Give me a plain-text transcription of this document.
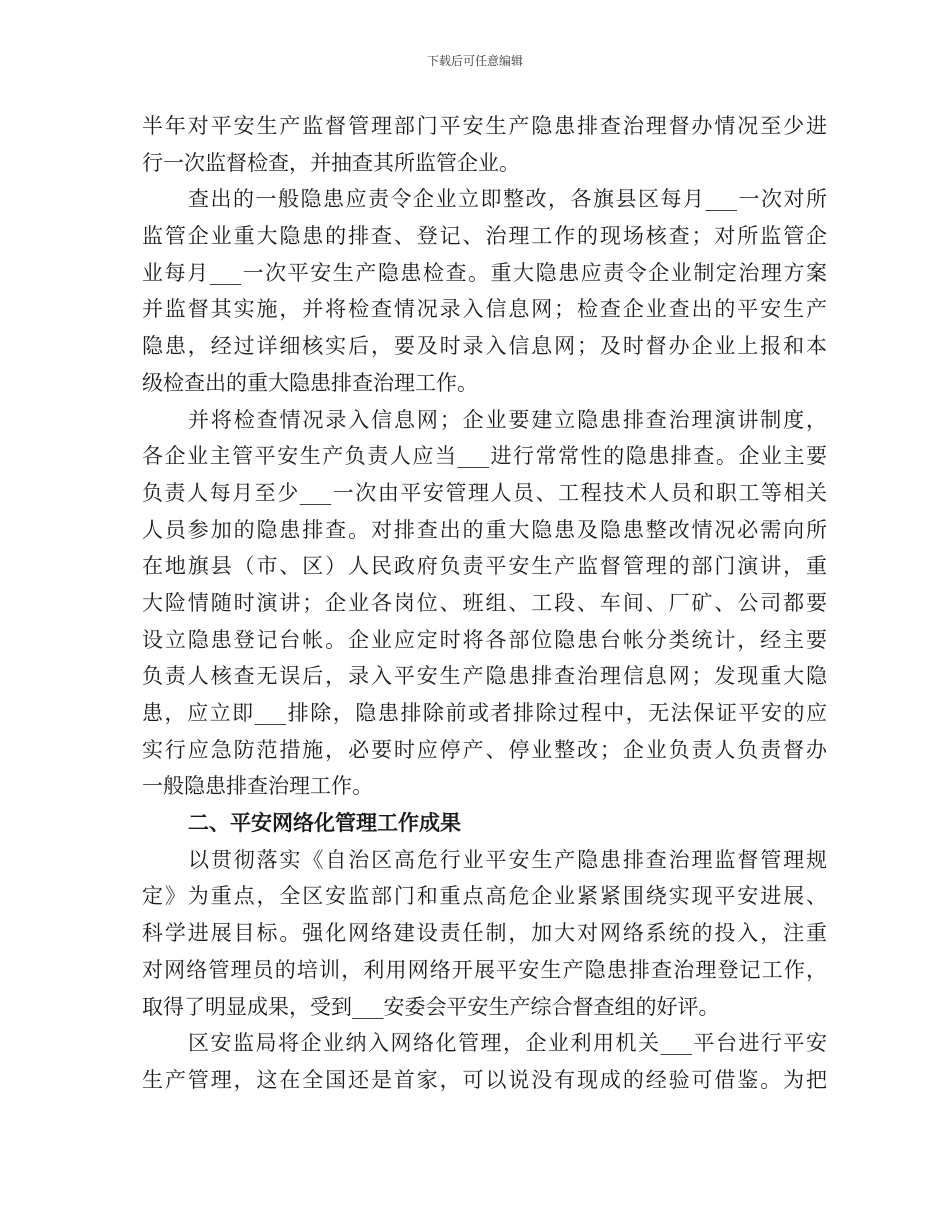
下载后可任意编辑
半年对平安生产监督管理部门平安生产隐患排查治理督办情况至少进
行一次监督检查，并抽查其所监管企业。
查出的一般隐患应责令企业立即整改，各旗县区每月___一次对所
监管企业重大隐患的排查、登记、治理工作的现场核查；对所监管企
业每月___一次平安生产隐患检查。重大隐患应责令企业制定治理方案
并监督其实施，并将检查情况录入信息网；检查企业查出的平安生产
隐患，经过详细核实后，要及时录入信息网；及时督办企业上报和本
级检查出的重大隐患排查治理工作。
并将检查情况录入信息网；企业要建立隐患排查治理演讲制度，
各企业主管平安生产负责人应当___进行常常性的隐患排查。企业主要
负责人每月至少___一次由平安管理人员、工程技术人员和职工等相关
人员参加的隐患排查。对排查出的重大隐患及隐患整改情况必需向所
在地旗县（市、区）人民政府负责平安生产监督管理的部门演讲，重
大险情随时演讲；企业各岗位、班组、工段、车间、厂矿、公司都要
设立隐患登记台帐。企业应定时将各部位隐患台帐分类统计，经主要
负责人核查无误后，录入平安生产隐患排查治理信息网；发现重大隐
患，应立即___排除，隐患排除前或者排除过程中，无法保证平安的应
实行应急防范措施，必要时应停产、停业整改；企业负责人负责督办
一般隐患排查治理工作。
二、平安网络化管理工作成果
以贯彻落实《自治区高危行业平安生产隐患排查治理监督管理规
定》为重点，全区安监部门和重点高危企业紧紧围绕实现平安进展、
科学进展目标。强化网络建设责任制，加大对网络系统的投入，注重
对网络管理员的培训，利用网络开展平安生产隐患排查治理登记工作，
取得了明显成果，受到___安委会平安生产综合督查组的好评。
区安监局将企业纳入网络化管理，企业利用机关___平台进行平安
生产管理，这在全国还是首家，可以说没有现成的经验可借鉴。为把
